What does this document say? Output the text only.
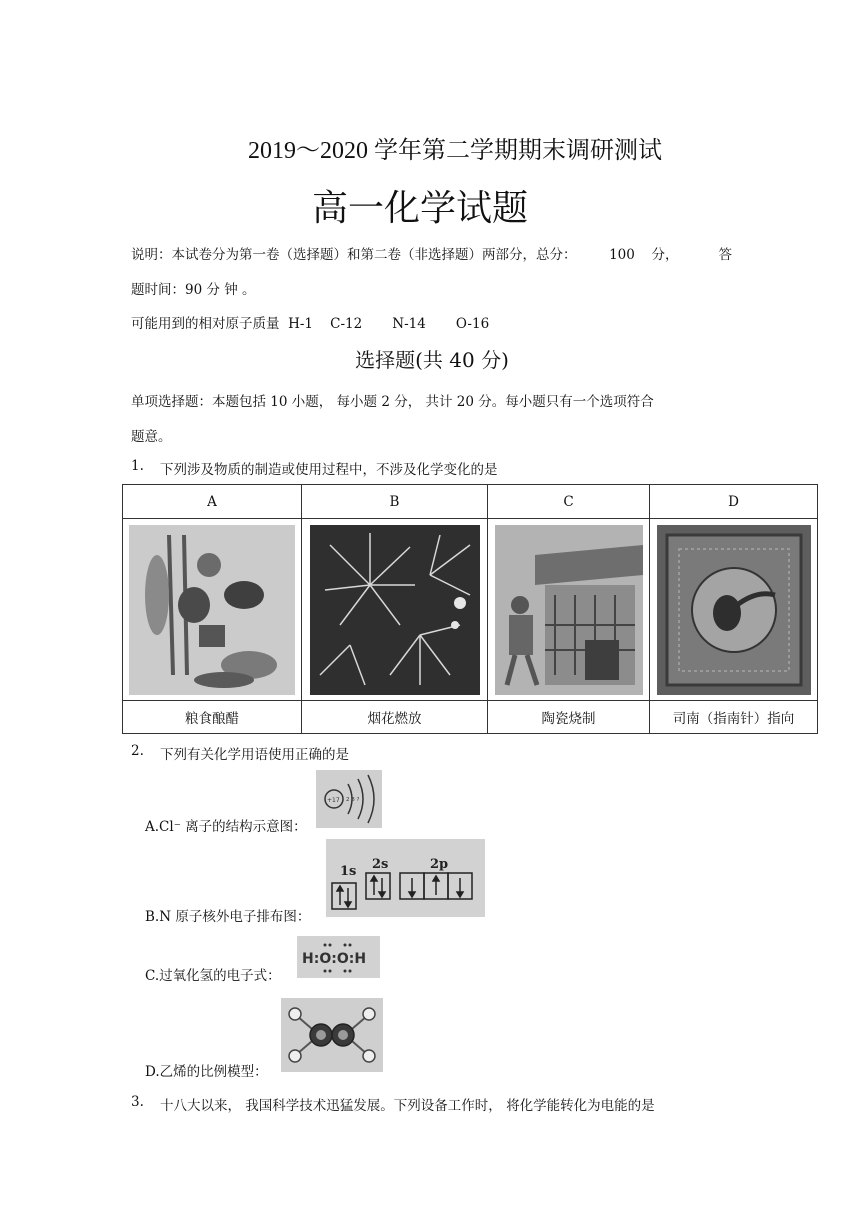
2019～2020 学年第二学期期末调研测试
高一化学试题
说明：本试卷分为第一卷（选择题）和第二卷（非选择题）两部分，总分： 100 分，	答
题时间：90 分 钟 。
可能用到的相对原子质量  H-1    C-12       N-14       O-16
选择题(共 40 分)
单项选择题：本题包括 10 小题， 每小题 2 分， 共计 20 分。每小题只有一个选项符合
题意。
1. 下列涉及物质的制造或使用过程中，不涉及化学变化的是
A	B	C	D

粮食酿醋	烟花燃放	陶瓷烧制	司南（指南针）指向
2. 下列有关化学用语使用正确的是
A.Cl⁻ 离子的结构示意图：
+17 2 8 ?
B.N 原子核外电子排布图：
1s 2s	2p
C.过氧化氢的电子式：
H:O:O:H
D.乙烯的比例模型：
3. 十八大以来， 我国科学技术迅猛发展。下列设备工作时， 将化学能转化为电能的是
